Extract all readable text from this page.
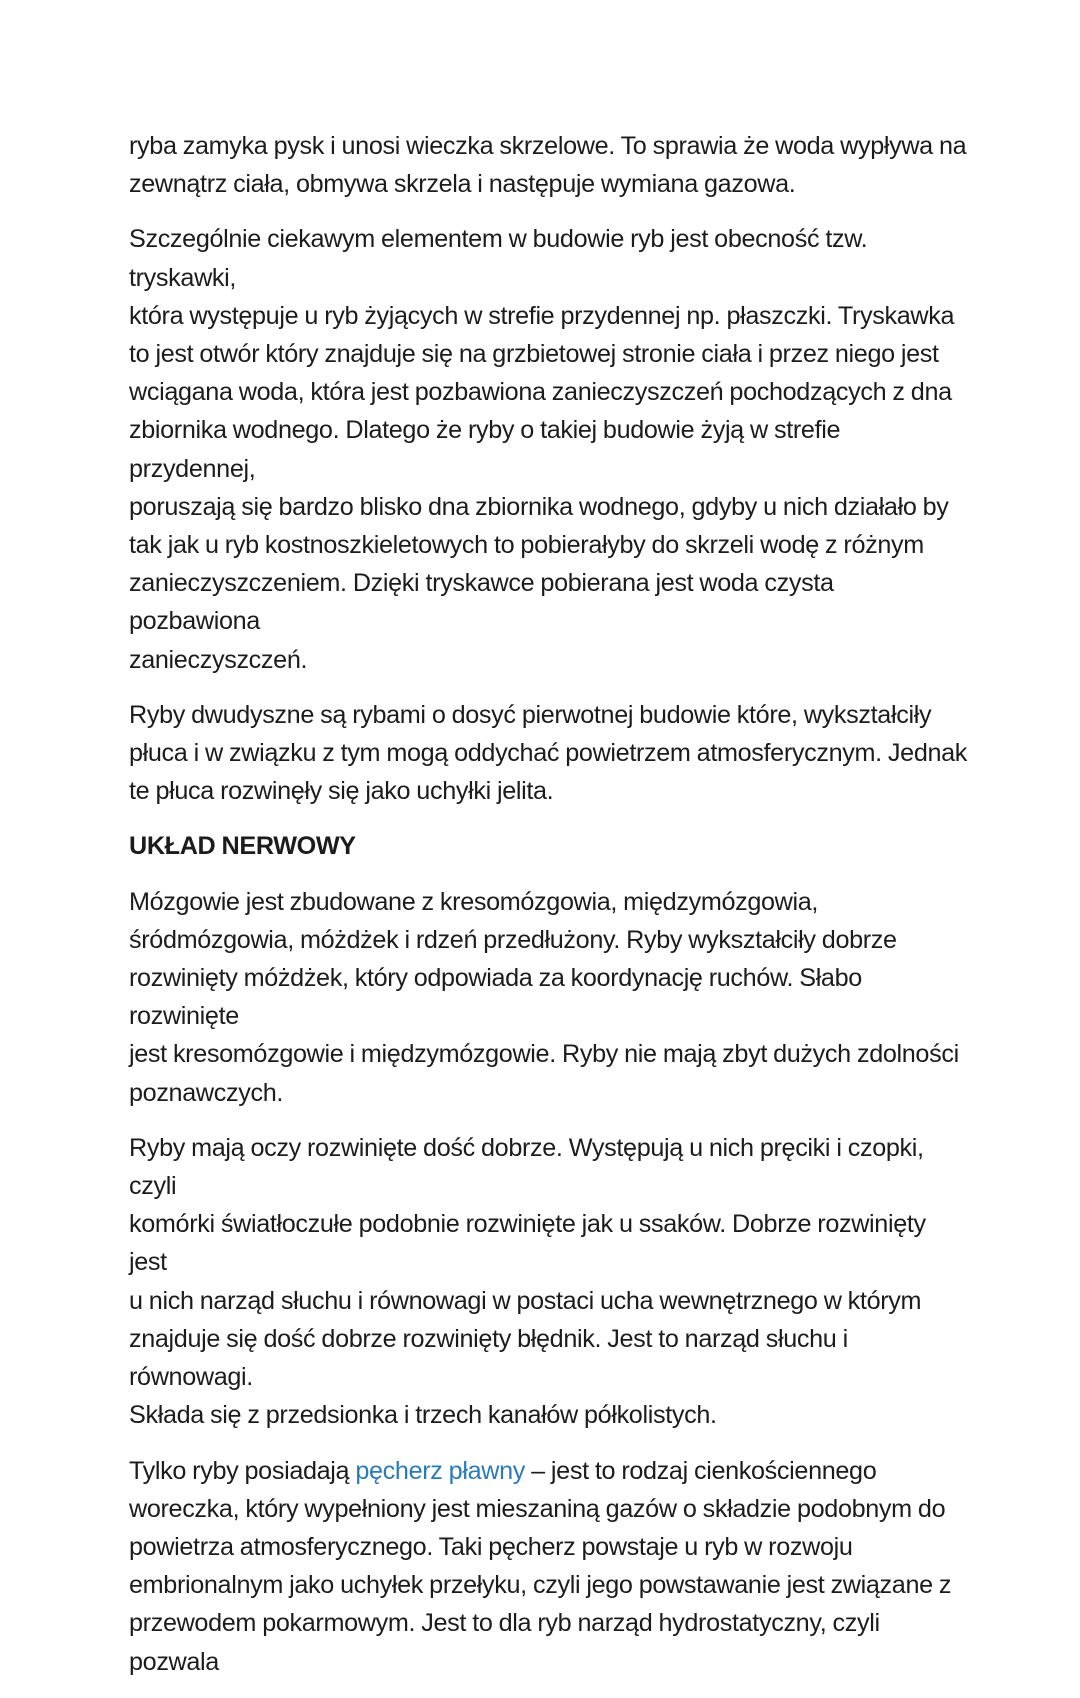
ryba zamyka pysk i unosi wieczka skrzelowe. To sprawia że woda wypływa na
zewnątrz ciała, obmywa skrzela i następuje wymiana gazowa.

Szczególnie ciekawym elementem w budowie ryb jest obecność tzw. tryskawki,
która występuje u ryb żyjących w strefie przydennej np. płaszczki. Tryskawka
to jest otwór który znajduje się na grzbietowej stronie ciała i przez niego jest
wciągana woda, która jest pozbawiona zanieczyszczeń pochodzących z dna
zbiornika wodnego. Dlatego że ryby o takiej budowie żyją w strefie przydennej,
poruszają się bardzo blisko dna zbiornika wodnego, gdyby u nich działało by
tak jak u ryb kostnoszkieletowych to pobierałyby do skrzeli wodę z różnym
zanieczyszczeniem. Dzięki tryskawce pobierana jest woda czysta pozbawiona
zanieczyszczeń.

Ryby dwudyszne są rybami o dosyć pierwotnej budowie które, wykształciły
płuca i w związku z tym mogą oddychać powietrzem atmosferycznym. Jednak
te płuca rozwinęły się jako uchyłki jelita.

UKŁAD NERWOWY

Mózgowie jest zbudowane z kresomózgowia, międzymózgowia,
śródmózgowia, móżdżek i rdzeń przedłużony. Ryby wykształciły dobrze
rozwinięty móżdżek, który odpowiada za koordynację ruchów. Słabo rozwinięte
jest kresomózgowie i międzymózgowie. Ryby nie mają zbyt dużych zdolności
poznawczych.

Ryby mają oczy rozwinięte dość dobrze. Występują u nich pręciki i czopki, czyli
komórki światłoczułe podobnie rozwinięte jak u ssaków. Dobrze rozwinięty jest
u nich narząd słuchu i równowagi w postaci ucha wewnętrznego w którym
znajduje się dość dobrze rozwinięty błędnik. Jest to narząd słuchu i równowagi.
Składa się z przedsionka i trzech kanałów półkolistych.

Tylko ryby posiadają pęcherz pławny – jest to rodzaj cienkościennego
woreczka, który wypełniony jest mieszaniną gazów o składzie podobnym do
powietrza atmosferycznego. Taki pęcherz powstaje u ryb w rozwoju
embrionalnym jako uchyłek przełyku, czyli jego powstawanie jest związane z
przewodem pokarmowym. Jest to dla ryb narząd hydrostatyczny, czyli pozwala
